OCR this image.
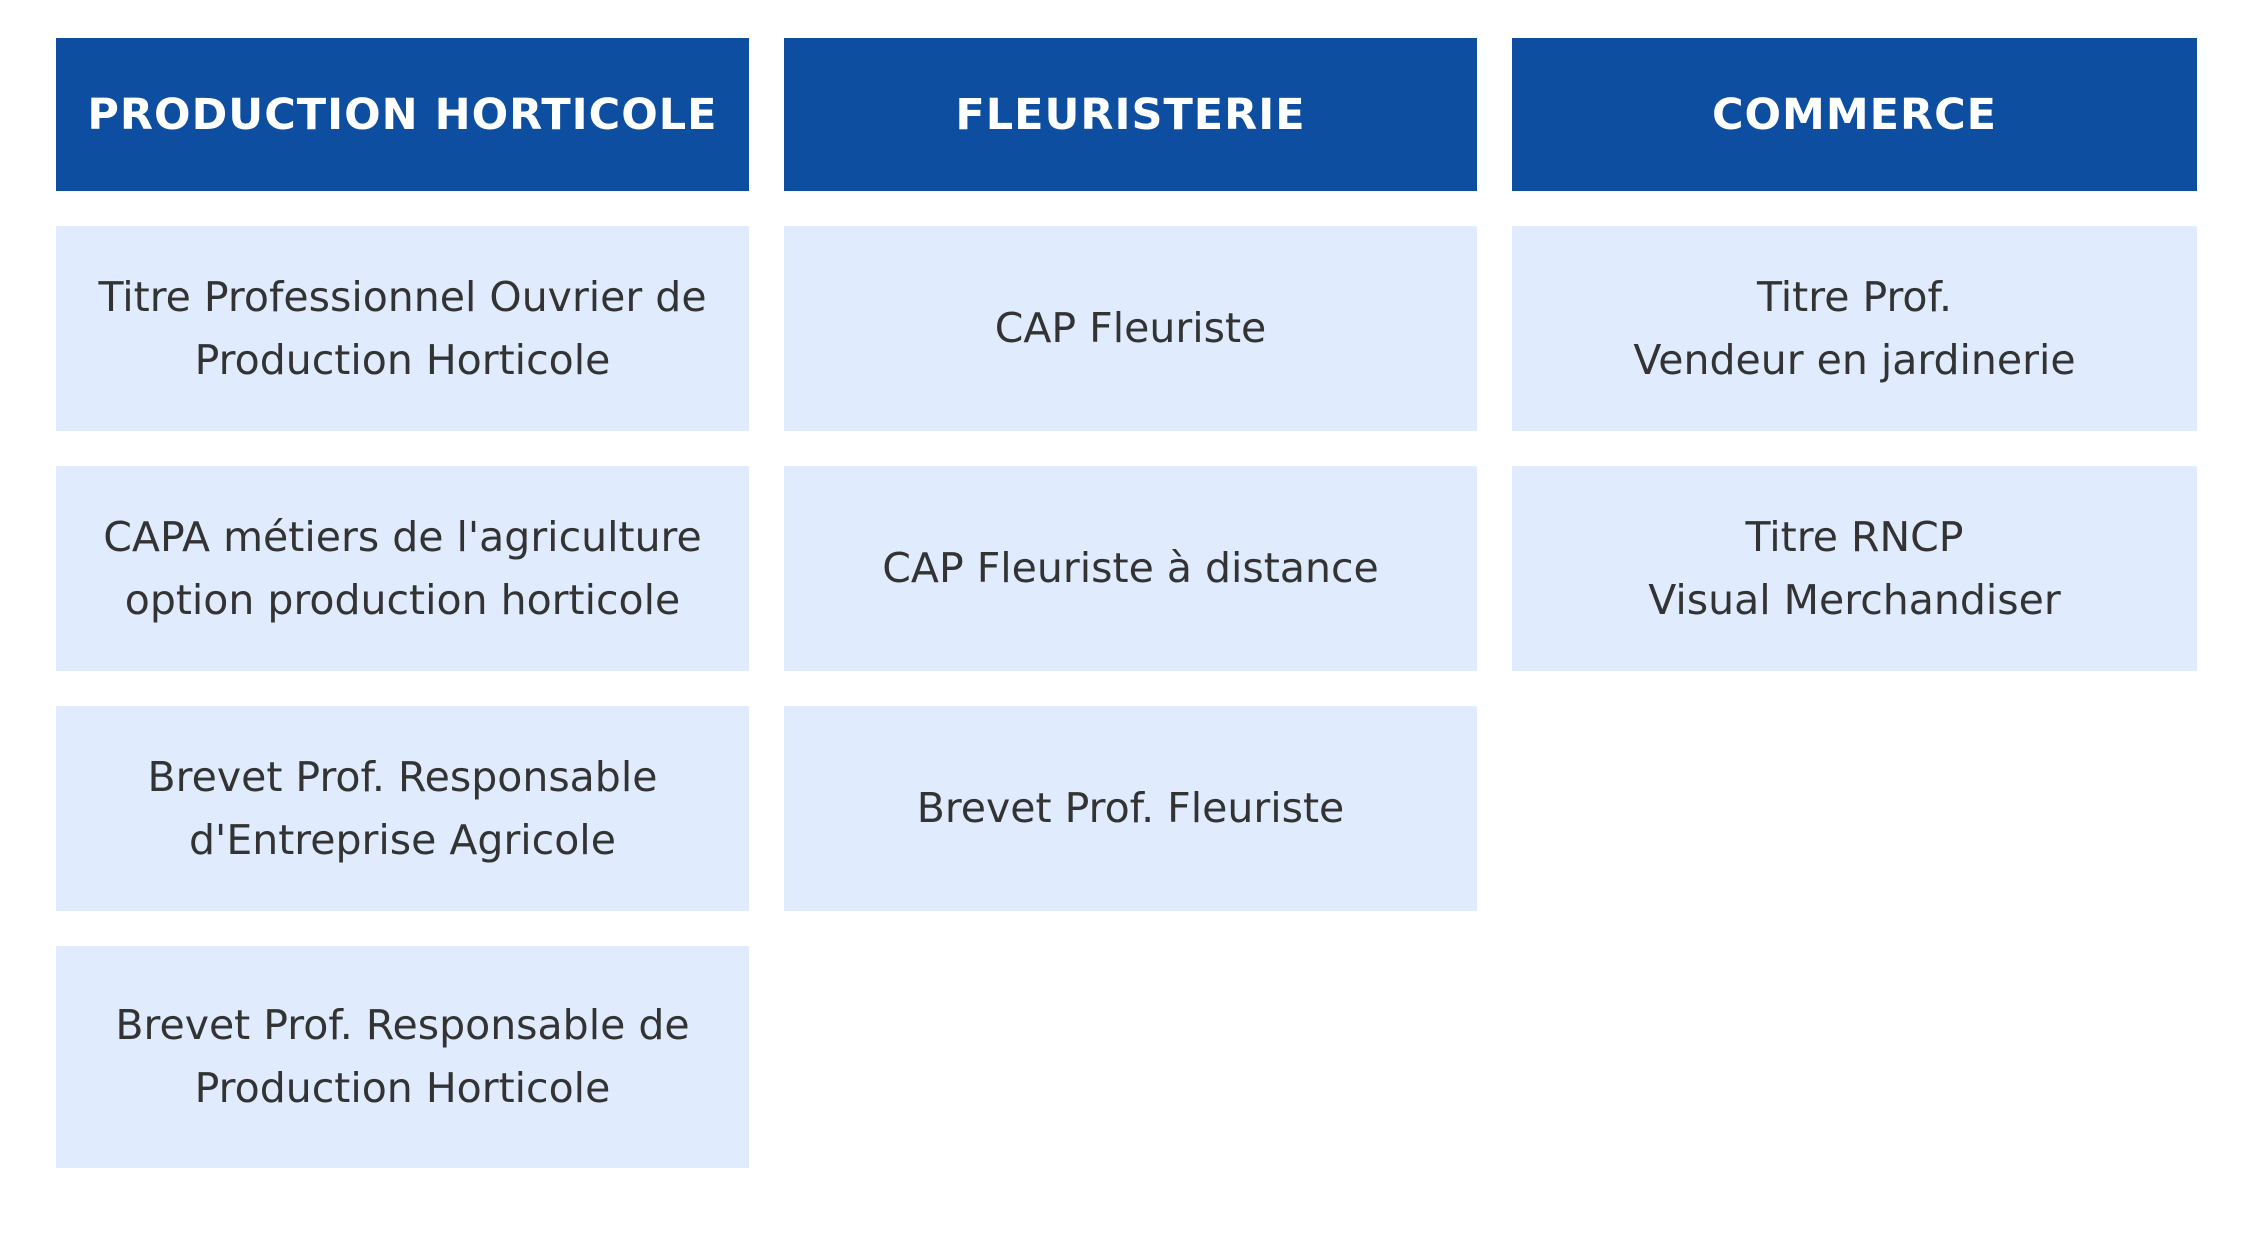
PRODUCTION HORTICOLE
Titre Professionnel Ouvrier de
Production Horticole
CAPA métiers de l'agriculture
option production horticole
Brevet Prof. Responsable
d'Entreprise Agricole
Brevet Prof. Responsable de
Production Horticole
FLEURISTERIE
CAP Fleuriste
CAP Fleuriste à distance
Brevet Prof. Fleuriste
COMMERCE
Titre Prof.
Vendeur en jardinerie
Titre RNCP
Visual Merchandiser
